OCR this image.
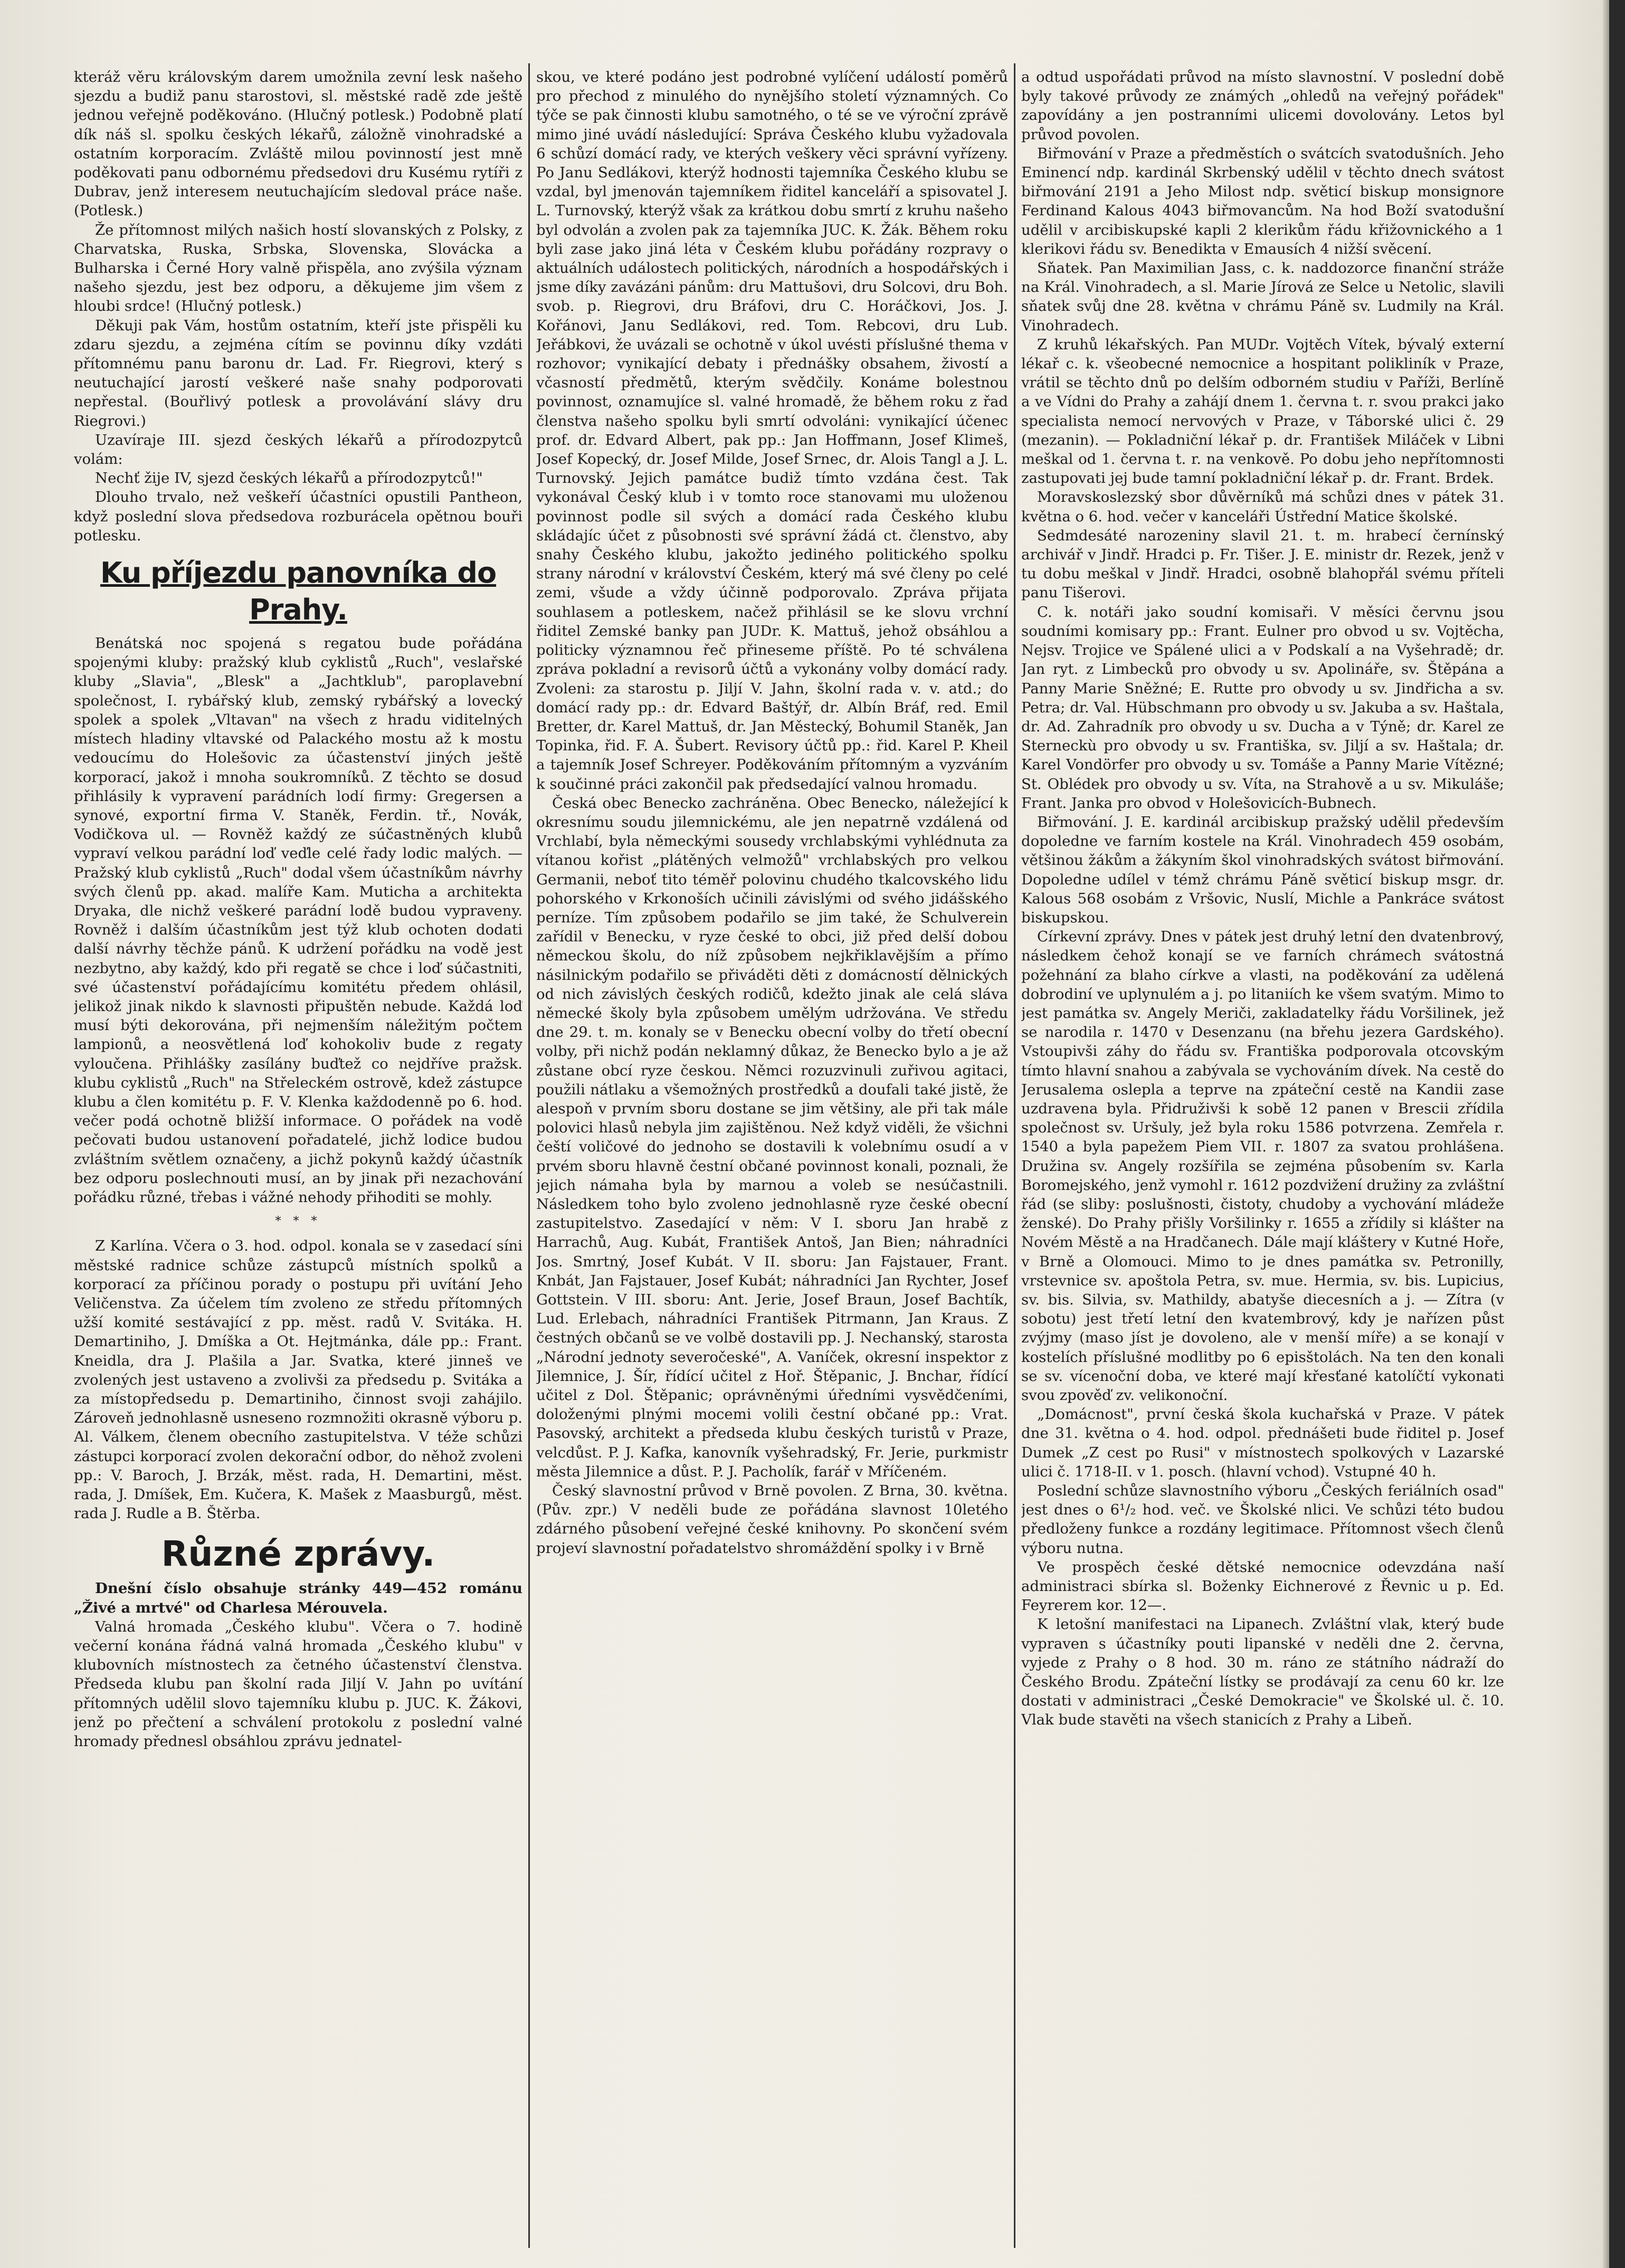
kteráž věru královským darem umožnila zevní lesk našeho sjezdu a budiž panu starostovi, sl. městské radě zde ještě jednou veřejně poděkováno. (Hlučný potlesk.) Podobně platí dík náš sl. spolku českých lékařů, záložně vinohradské a ostatním korporacím. Zvláště milou povinností jest mně poděkovati panu odbornému předsedovi dru Kusému rytíři z Dubrav, jenž interesem neutuchajícím sledoval práce naše. (Potlesk.)

Že přítomnost milých našich hostí slovanských z Polsky, z Charvatska, Ruska, Srbska, Slovenska, Slovácka a Bulharska i Černé Hory valně přispěla, ano zvýšila význam našeho sjezdu, jest bez odporu, a děkujeme jim všem z hloubi srdce! (Hlučný potlesk.)

Děkuji pak Vám, hostům ostatním, kteří jste přispěli ku zdaru sjezdu, a zejména cítím se povinnu díky vzdáti přítomnému panu baronu dr. Lad. Fr. Riegrovi, který s neutuchající jarostí veškeré naše snahy podporovati nepřestal. (Bouřlivý potlesk a provolávání slávy dru Riegrovi.)

Uzavíraje III. sjezd českých lékařů a přírodozpytců volám:

Nechť žije IV, sjezd českých lékařů a přírodozpytců!"

Dlouho trvalo, než veškeří účastníci opustili Pantheon, když poslední slova předsedova rozburácela opětnou bouři potlesku.

Ku příjezdu panovníka do Prahy.

Benátská noc spojená s regatou bude pořádána spojenými kluby: pražský klub cyklistů „Ruch", veslařské kluby „Slavia", „Blesk" a „Jachtklub", paroplavební společnost, I. rybářský klub, zemský rybářský a lovecký spolek a spolek „Vltavan" na všech z hradu viditelných místech hladiny vltavské od Palackého mostu až k mostu vedoucímu do Holešovic za účastenství jiných ještě korporací, jakož i mnoha soukromníků. Z těchto se dosud přihlásily k vypravení parádních lodí firmy: Gregersen a synové, exportní firma V. Staněk, Ferdin. tř., Novák, Vodičkova ul. — Rovněž každý ze súčastněných klubů vypraví velkou parádní loď veďle celé řady lodic malých. — Pražský klub cyklistů „Ruch" dodal všem účastníkům návrhy svých členů pp. akad. malíře Kam. Muticha a architekta Dryaka, dle nichž veškeré parádní lodě budou vypraveny. Rovněž i dalším účastníkům jest týž klub ochoten dodati další návrhy těchže pánů. K udržení pořádku na vodě jest nezbytno, aby každý, kdo při regatě se chce i loď súčastniti, své účastenství pořádajícímu komitétu předem ohlásil, jelikož jinak nikdo k slavnosti připuštěn nebude. Každá loď musí býti dekorována, při nejmenším náležitým počtem lampionů, a neosvětlená loď kohokoliv bude z regaty vyloučena. Přihlášky zasílány buďtež co nejdříve pražsk. klubu cyklistů „Ruch" na Střeleckém ostrově, kdež zástupce klubu a člen komitétu p. F. V. Klenka každodenně po 6. hod. večer podá ochotně bližší informace. O pořádek na vodě pečovati budou ustanovení pořadatelé, jichž lodice budou zvláštním světlem označeny, a jichž pokynů každý účastník bez odporu poslechnouti musí, an by jinak při nezachování pořádku různé, třebas i vážné nehody přihoditi se mohly.

* * *

Z Karlína. Včera o 3. hod. odpol. konala se v zasedací síni městské radnice schůze zástupců místních spolků a korporací za příčinou porady o postupu při uvítání Jeho Veličenstva. Za účelem tím zvoleno ze středu přítomných užší komité sestávající z pp. měst. radů V. Svitáka. H. Demartiniho, J. Dmíška a Ot. Hejtmánka, dále pp.: Frant. Kneidla, dra J. Plašila a Jar. Svatka, které jinneš ve zvolených jest ustaveno a zvolivši za předsedu p. Svitáka a za místopředsedu p. Demartiniho, činnost svoji zahájilo. Zároveň jednohlasně usneseno rozmnožiti okrasně výboru p. Al. Válkem, členem obecního zastupitelstva. V téže schůzi zástupci korporací zvolen dekorační odbor, do něhož zvoleni pp.: V. Baroch, J. Brzák, měst. rada, H. Demartini, měst. rada, J. Dmíšek, Em. Kučera, K. Mašek z Maasburgů, měst. rada J. Rudle a B. Štěrba.

Různé zprávy.

Dnešní číslo obsahuje stránky 449—452 románu „Živé a mrtvé" od Charlesa Mérouvela.

Valná hromada „Českého klubu". Včera o 7. hodině večerní konána řádná valná hromada „Českého klubu" v klubovních místnostech za četného účastenství členstva. Předseda klubu pan školní rada Jiljí V. Jahn po uvítání přítomných udělil slovo tajemníku klubu p. JUC. K. Žákovi, jenž po přečtení a schválení protokolu z poslední valné hromady přednesl obsáhlou zprávu jednatel-

skou, ve které podáno jest podrobné vylíčení událostí poměrů pro přechod z minulého do nynějšího století významných. Co týče se pak činnosti klubu samotného, o té se ve výroční zprávě mimo jiné uvádí následující: Správa Českého klubu vyžadovala 6 schůzí domácí rady, ve kterých veškery věci správní vyřízeny. Po Janu Sedlákovi, kterýž hodnosti tajemníka Českého klubu se vzdal, byl jmenován tajemníkem řiditel kanceláří a spisovatel J. L. Turnovský, kterýž však za krátkou dobu smrtí z kruhu našeho byl odvolán a zvolen pak za tajemníka JUC. K. Žák. Během roku byli zase jako jiná léta v Českém klubu pořádány rozpravy o aktuálních událostech politických, národních a hospodářských i jsme díky zavázáni pánům: dru Mattušovi, dru Solcovi, dru Boh. svob. p. Riegrovi, dru Bráfovi, dru C. Horáčkovi, Jos. J. Kořánovi, Janu Sedlákovi, red. Tom. Rebcovi, dru Lub. Jeřábkovi, že uvázali se ochotně v úkol uvésti příslušné thema v rozhovor; vynikající debaty i přednášky obsahem, živostí a včasností předmětů, kterým svědčily. Konáme bolestnou povinnost, oznamujíce sl. valné hromadě, že během roku z řad členstva našeho spolku byli smrtí odvoláni: vynikající účenec prof. dr. Edvard Albert, pak pp.: Jan Hoffmann, Josef Klimeš, Josef Kopecký, dr. Josef Milde, Josef Srnec, dr. Alois Tangl a J. L. Turnovský. Jejich památce budiž tímto vzdána čest. Tak vykonával Český klub i v tomto roce stanovami mu uloženou povinnost podle sil svých a domácí rada Českého klubu skládajíc účet z působnosti své správní žádá ct. členstvo, aby snahy Českého klubu, jakožto jediného politického spolku strany národní v království Českém, který má své členy po celé zemi, všude a vždy účinně podporovalo. Zpráva přijata souhlasem a potleskem, načež přihlásil se ke slovu vrchní řiditel Zemské banky pan JUDr. K. Mattuš, jehož obsáhlou a politicky významnou řeč přineseme příště. Po té schválena zpráva pokladní a revisorů účtů a vykonány volby domácí rady. Zvoleni: za starostu p. Jiljí V. Jahn, školní rada v. v. atd.; do domácí rady pp.: dr. Edvard Baštýř, dr. Albín Bráf, red. Emil Bretter, dr. Karel Mattuš, dr. Jan Městecký, Bohumil Staněk, Jan Topinka, řid. F. A. Šubert. Revisory účtů pp.: řid. Karel P. Kheil a tajemník Josef Schreyer. Poděkováním přítomným a vyzváním k součinné práci zakončil pak předsedající valnou hromadu.

Česká obec Benecko zachráněna. Obec Benecko, náležející k okresnímu soudu jilemnickému, ale jen nepatrně vzdálená od Vrchlabí, byla německými sousedy vrchlabskými vyhlédnuta za vítanou kořist „plátěných velmožů" vrchlabských pro velkou Germanii, neboť tito téměř polovinu chudého tkalcovského lidu pohorského v Krkonoších učinili závislými od svého jidášského perníze. Tím způsobem podařilo se jim také, že Schulverein zařídil v Benecku, v ryze české to obci, již před delší dobou německou školu, do níž způsobem nejkřiklavějším a přímo násilnickým podařilo se přiváděti děti z domácností dělnických od nich závislých českých rodičů, kdežto jinak ale celá sláva německé školy byla způsobem umělým udržována. Ve středu dne 29. t. m. konaly se v Benecku obecní volby do třetí obecní volby, při nichž podán neklamný důkaz, že Benecko bylo a je až zůstane obcí ryze českou. Němci rozuzvinuli zuřivou agitaci, použili nátlaku a všemožných prostředků a doufali také jistě, že alespoň v prvním sboru dostane se jim většiny, ale při tak mále polovici hlasů nebyla jim zajištěnou. Než když viděli, že všichni čeští voličové do jednoho se dostavili k volebnímu osudí a v prvém sboru hlavně čestní občané povinnost konali, poznali, že jejich námaha byla by marnou a voleb se nesúčastnili. Následkem toho bylo zvoleno jednohlasně ryze české obecní zastupitelstvo. Zasedající v něm: V I. sboru Jan hrabě z Harrachů, Aug. Kubát, František Antoš, Jan Bien; náhradníci Jos. Smrtný, Josef Kubát. V II. sboru: Jan Fajstauer, Frant. Knbát, Jan Fajstauer, Josef Kubát; náhradníci Jan Rychter, Josef Gottstein. V III. sboru: Ant. Jerie, Josef Braun, Josef Bachtík, Lud. Erlebach, náhradníci František Pitrmann, Jan Kraus. Z čestných občanů se ve volbě dostavili pp. J. Nechanský, starosta „Národní jednoty severočeské", A. Vaníček, okresní inspektor z Jilemnice, J. Šír, řídící učitel z Hoř. Štěpanic, J. Bnchar, řídící učitel z Dol. Štěpanic; oprávněnými úředními vysvědčeními, doloženými plnými mocemi volili čestní občané pp.: Vrat. Pasovský, architekt a předseda klubu českých turistů v Praze, velcdůst. P. J. Kafka, kanovník vyšehradský, Fr. Jerie, purkmistr města Jilemnice a důst. P. J. Pacholík, farář v Mříčeném.

Český slavnostní průvod v Brně povolen. Z Brna, 30. května. (Pův. zpr.) V neděli bude ze pořádána slavnost 10letého zdárného působení veřejné české knihovny. Po skončení svém projeví slavnostní pořadatelstvo shromáždění spolky i v Brně

a odtud uspořádati průvod na místo slavnostní. V poslední době byly takové průvody ze známých „ohledů na veřejný pořádek" zapovídány a jen postranními ulicemi dovolovány. Letos byl průvod povolen.

Biřmování v Praze a předměstích o svátcích svatodušních. Jeho Eminencí ndp. kardinál Skrbenský udělil v těchto dnech svátost biřmování 2191 a Jeho Milost ndp. světicí biskup monsignore Ferdinand Kalous 4043 biřmovancům. Na hod Boží svatodušní udělil v arcibiskupské kapli 2 klerikům řádu křižovnického a 1 klerikovi řádu sv. Benedikta v Emausích 4 nižší svěcení.

Sňatek. Pan Maximilian Jass, c. k. naddozorce finanční stráže na Král. Vinohradech, a sl. Marie Jírová ze Selce u Netolic, slavili sňatek svůj dne 28. května v chrámu Páně sv. Ludmily na Král. Vinohradech.

Z kruhů lékařských. Pan MUDr. Vojtěch Vítek, bývalý externí lékař c. k. všeobecné nemocnice a hospitant polikliník v Praze, vrátil se těchto dnů po delším odborném studiu v Paříži, Berlíně a ve Vídni do Prahy a zahájí dnem 1. června t. r. svou prakci jako specialista nemocí nervových v Praze, v Táborské ulici č. 29 (mezanin). — Pokladniční lékař p. dr. František Miláček v Libni meškal od 1. června t. r. na venkově. Po dobu jeho nepřítomnosti zastupovati jej bude tamní pokladniční lékař p. dr. Frant. Brdek.

Moravskoslezský sbor důvěrníků má schůzi dnes v pátek 31. května o 6. hod. večer v kanceláři Ústřední Matice školské.

Sedmdesáté narozeniny slavil 21. t. m. hrabecí černínský archivář v Jindř. Hradci p. Fr. Tišer. J. E. ministr dr. Rezek, jenž v tu dobu meškal v Jindř. Hradci, osobně blahopřál svému příteli panu Tišerovi.

C. k. notáři jako soudní komisaři. V měsíci červnu jsou soudními komisary pp.: Frant. Eulner pro obvod u sv. Vojtěcha, Nejsv. Trojice ve Spálené ulici a v Podskalí a na Vyšehradě; dr. Jan ryt. z Limbecků pro obvody u sv. Apolináře, sv. Štěpána a Panny Marie Sněžné; E. Rutte pro obvody u sv. Jindřicha a sv. Petra; dr. Val. Hübschmann pro obvody u sv. Jakuba a sv. Haštala, dr. Ad. Zahradník pro obvody u sv. Ducha a v Týně; dr. Karel ze Sterneckù pro obvody u sv. Františka, sv. Jiljí a sv. Haštala; dr. Karel Vondörfer pro obvody u sv. Tomáše a Panny Marie Vítězné; St. Oblédek pro obvody u sv. Víta, na Strahově a u sv. Mikuláše; Frant. Janka pro obvod v Holešovicích-Bubnech.

Biřmování. J. E. kardinál arcibiskup pražský udělil především dopoledne ve farním kostele na Král. Vinohradech 459 osobám, většinou žákům a žákyním škol vinohradských svátost biřmování. Dopoledne udílel v témž chrámu Páně světicí biskup msgr. dr. Kalous 568 osobám z Vršovic, Nuslí, Michle a Pankráce svátost biskupskou.

Církevní zprávy. Dnes v pátek jest druhý letní den dvatenbrový, následkem čehož konají se ve farních chrámech svátostná požehnání za blaho církve a vlasti, na poděkování za udělená dobrodiní ve uplynulém a j. po litaniích ke všem svatým. Mimo to jest památka sv. Angely Meriči, zakladatelky řádu Voršilinek, jež se narodila r. 1470 v Desenzanu (na břehu jezera Gardského). Vstoupivši záhy do řádu sv. Františka podporovala otcovským tímto hlavní snahou a zabývala se vychováním dívek. Na cestě do Jerusalema oslepla a teprve na zpáteční cestě na Kandii zase uzdravena byla. Přidruživši k sobě 12 panen v Brescii zřídila společnost sv. Uršuly, jež byla roku 1586 potvrzena. Zemřela r. 1540 a byla papežem Piem VII. r. 1807 za svatou prohlášena. Družina sv. Angely rozšířila se zejména působením sv. Karla Boromejského, jenž vymohl r. 1612 pozdvižení družiny za zvláštní řád (se sliby: poslušnosti, čistoty, chudoby a vychování mládeže ženské). Do Prahy přišly Voršilinky r. 1655 a zřídily si klášter na Novém Městě a na Hradčanech. Dále mají kláštery v Kutné Hoře, v Brně a Olomouci. Mimo to je dnes památka sv. Petronilly, vrstevnice sv. apoštola Petra, sv. mue. Hermia, sv. bis. Lupicius, sv. bis. Silvia, sv. Mathildy, abatyše diecesních a j. — Zítra (v sobotu) jest třetí letní den kvatembrový, kdy je nařízen půst zvýjmy (maso jíst je dovoleno, ale v menší míře) a se konají v kostelích příslušné modlitby po 6 episštolách. Na ten den konali se sv. vícenoční doba, ve které mají křesťané katolíčtí vykonati svou zpověď zv. velikonoční.

„Domácnost", první česká škola kuchařská v Praze. V pátek dne 31. května o 4. hod. odpol. přednášeti bude řiditel p. Josef Dumek „Z cest po Rusi" v místnostech spolkových v Lazarské ulici č. 1718-II. v 1. posch. (hlavní vchod). Vstupné 40 h.

Poslední schůze slavnostního výboru „Českých feriálních osad" jest dnes o 6¹/₂ hod. več. ve Školské nlici. Ve schůzi této budou předloženy funkce a rozdány legitimace. Přítomnost všech členů výboru nutna.

Ve prospěch české dětské nemocnice odevzdána naší administraci sbírka sl. Boženky Eichnerové z Řevnic u p. Ed. Feyrerem kor. 12—.

K letošní manifestaci na Lipanech. Zvláštní vlak, který bude vypraven s účastníky pouti lipanské v neděli dne 2. června, vyjede z Prahy o 8 hod. 30 m. ráno ze státního nádraží do Českého Brodu. Zpáteční lístky se prodávají za cenu 60 kr. lze dostati v administraci „České Demokracie" ve Školské ul. č. 10. Vlak bude stavěti na všech stanicích z Prahy a Libeň.
